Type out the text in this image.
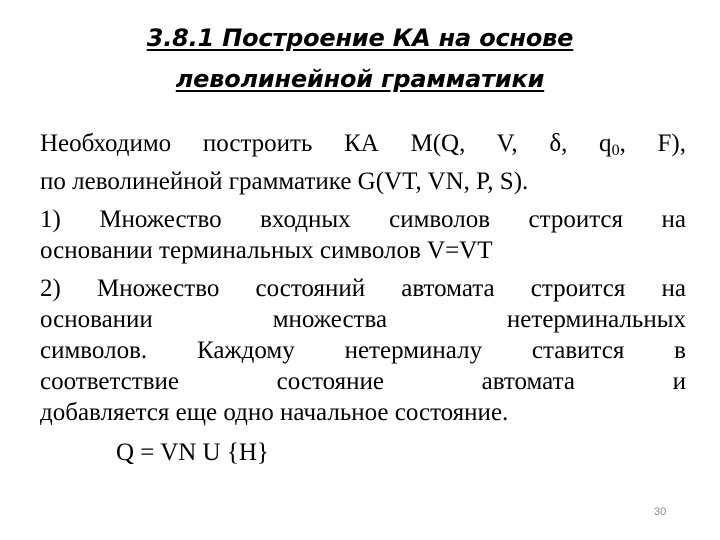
3.8.1 Построение КА на основе
леволинейной грамматики

Необходимо построить КА M(Q, V, δ, $q_0$, F),

по леволинейной грамматике G(VT, VN, P, S).

1) Множество входных символов строится на

основании терминальных символов V=VT

2) Множество состояний автомата строится на

основании множества нетерминальных

символов. Каждому нетерминалу ставится в

соответствие состояние автомата и

добавляется еще одно начальное состояние.

Q = VN U {H}

30
